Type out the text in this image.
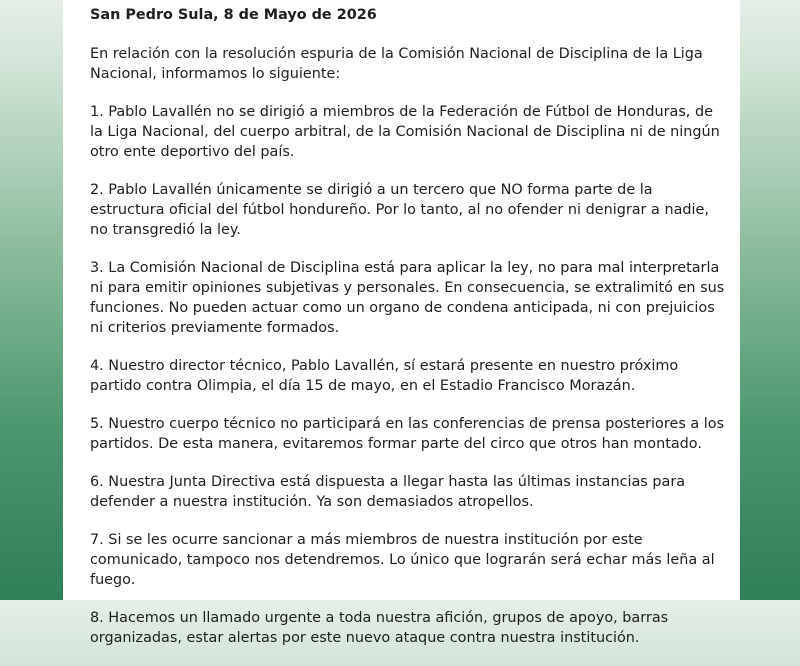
San Pedro Sula, 8 de Mayo de 2026

En relación con la resolución espuria de la Comisión Nacional de Disciplina de la Liga
Nacional, informamos lo siguiente:

1. Pablo Lavallén no se dirigió a miembros de la Federación de Fútbol de Honduras, de
la Liga Nacional, del cuerpo arbitral, de la Comisión Nacional de Disciplina ni de ningún
otro ente deportivo del país.

2. Pablo Lavallén únicamente se dirigió a un tercero que NO forma parte de la
estructura oficial del fútbol hondureño. Por lo tanto, al no ofender ni denigrar a nadie,
no transgredió la ley.

3. La Comisión Nacional de Disciplina está para aplicar la ley, no para mal interpretarla
ni para emitir opiniones subjetivas y personales. En consecuencia, se extralimitó en sus
funciones. No pueden actuar como un organo de condena anticipada, ni con prejuicios
ni criterios previamente formados.

4. Nuestro director técnico, Pablo Lavallén, sí estará presente en nuestro próximo
partido contra Olimpia, el día 15 de mayo, en el Estadio Francisco Morazán.

5. Nuestro cuerpo técnico no participará en las conferencias de prensa posteriores a los
partidos. De esta manera, evitaremos formar parte del circo que otros han montado.

6. Nuestra Junta Directiva está dispuesta a llegar hasta las últimas instancias para
defender a nuestra institución. Ya son demasiados atropellos.

7. Si se les ocurre sancionar a más miembros de nuestra institución por este
comunicado, tampoco nos detendremos. Lo único que lograrán será echar más leña al
fuego.

8. Hacemos un llamado urgente a toda nuestra afición, grupos de apoyo, barras
organizadas, estar alertas por este nuevo ataque contra nuestra institución.
